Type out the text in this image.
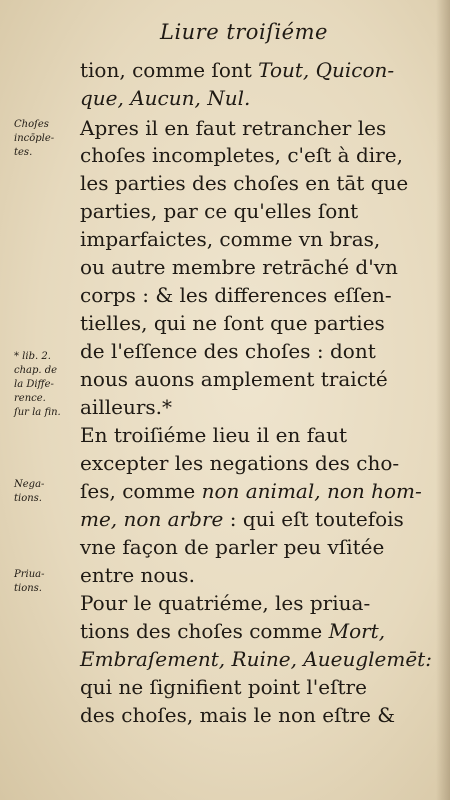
Liure troiſiéme
tion, comme ſont Tout, Quicon-
que, Aucun, Nul.
Apres il en faut retrancher les
choſes incompletes, c'eſt à dire,
les parties des choſes en tāt que
parties, par ce qu'elles ſont
imparfaictes, comme vn bras,
ou autre membre retrāché d'vn
corps : & les differences eſſen-
tielles, qui ne ſont que parties
de l'eſſence des choſes : dont
nous auons amplement traicté
ailleurs.*
En troiſiéme lieu il en faut
excepter les negations des cho-
ſes, comme non animal, non hom-
me, non arbre : qui eſt toutefois
vne façon de parler peu vſitée
entre nous.
Pour le quatriéme, les priua-
tions des choſes comme Mort,
Embraſement, Ruine, Aueuglemēt:
qui ne ſignifient point l'eſtre
des choſes, mais le non eſtre &
Choſes
incōple-
tes.
* lib. 2.
chap. de
la Diffe-
rence.
ſur la fin.
Nega-
tions.
Priua-
tions.
